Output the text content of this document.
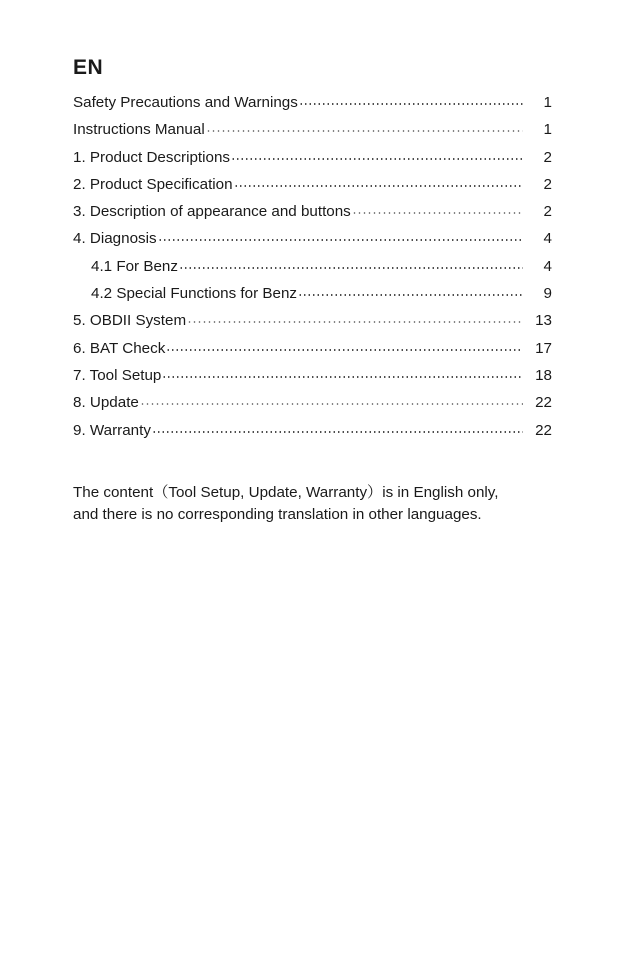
EN
Safety Precautions and Warnings	1
Instructions Manual	1
1. Product Descriptions	2
2. Product Specification	2
3. Description of appearance and buttons	2
4. Diagnosis	4
4.1 For Benz	4
4.2 Special Functions for Benz	9
5. OBDII System	13
6. BAT Check	17
7. Tool Setup	18
8. Update	22
9. Warranty	22
The content（Tool Setup, Update, Warranty）is in English only,
and there is no corresponding translation in other languages.
